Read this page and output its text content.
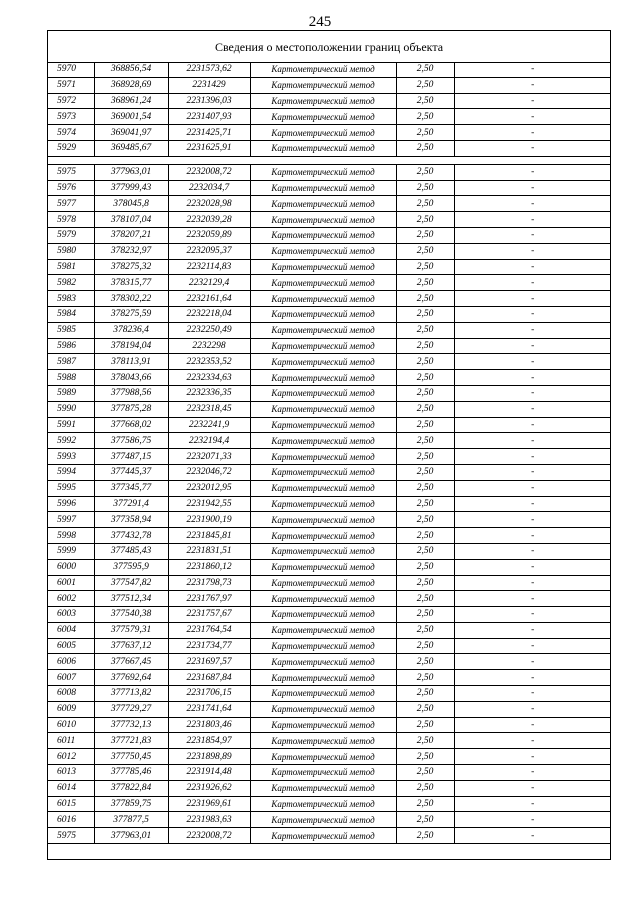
245
Сведения о местоположении границ объекта
5970	368856,54	2231573,62	Картометрический метод	2,50	-
5971	368928,69	2231429	Картометрический метод	2,50	-
5972	368961,24	2231396,03	Картометрический метод	2,50	-
5973	369001,54	2231407,93	Картометрический метод	2,50	-
5974	369041,97	2231425,71	Картометрический метод	2,50	-
5929	369485,67	2231625,91	Картометрический метод	2,50	-

5975	377963,01	2232008,72	Картометрический метод	2,50	-
5976	377999,43	2232034,7	Картометрический метод	2,50	-
5977	378045,8	2232028,98	Картометрический метод	2,50	-
5978	378107,04	2232039,28	Картометрический метод	2,50	-
5979	378207,21	2232059,89	Картометрический метод	2,50	-
5980	378232,97	2232095,37	Картометрический метод	2,50	-
5981	378275,32	2232114,83	Картометрический метод	2,50	-
5982	378315,77	2232129,4	Картометрический метод	2,50	-
5983	378302,22	2232161,64	Картометрический метод	2,50	-
5984	378275,59	2232218,04	Картометрический метод	2,50	-
5985	378236,4	2232250,49	Картометрический метод	2,50	-
5986	378194,04	2232298	Картометрический метод	2,50	-
5987	378113,91	2232353,52	Картометрический метод	2,50	-
5988	378043,66	2232334,63	Картометрический метод	2,50	-
5989	377988,56	2232336,35	Картометрический метод	2,50	-
5990	377875,28	2232318,45	Картометрический метод	2,50	-
5991	377668,02	2232241,9	Картометрический метод	2,50	-
5992	377586,75	2232194,4	Картометрический метод	2,50	-
5993	377487,15	2232071,33	Картометрический метод	2,50	-
5994	377445,37	2232046,72	Картометрический метод	2,50	-
5995	377345,77	2232012,95	Картометрический метод	2,50	-
5996	377291,4	2231942,55	Картометрический метод	2,50	-
5997	377358,94	2231900,19	Картометрический метод	2,50	-
5998	377432,78	2231845,81	Картометрический метод	2,50	-
5999	377485,43	2231831,51	Картометрический метод	2,50	-
6000	377595,9	2231860,12	Картометрический метод	2,50	-
6001	377547,82	2231798,73	Картометрический метод	2,50	-
6002	377512,34	2231767,97	Картометрический метод	2,50	-
6003	377540,38	2231757,67	Картометрический метод	2,50	-
6004	377579,31	2231764,54	Картометрический метод	2,50	-
6005	377637,12	2231734,77	Картометрический метод	2,50	-
6006	377667,45	2231697,57	Картометрический метод	2,50	-
6007	377692,64	2231687,84	Картометрический метод	2,50	-
6008	377713,82	2231706,15	Картометрический метод	2,50	-
6009	377729,27	2231741,64	Картометрический метод	2,50	-
6010	377732,13	2231803,46	Картометрический метод	2,50	-
6011	377721,83	2231854,97	Картометрический метод	2,50	-
6012	377750,45	2231898,89	Картометрический метод	2,50	-
6013	377785,46	2231914,48	Картометрический метод	2,50	-
6014	377822,84	2231926,62	Картометрический метод	2,50	-
6015	377859,75	2231969,61	Картометрический метод	2,50	-
6016	377877,5	2231983,63	Картометрический метод	2,50	-
5975	377963,01	2232008,72	Картометрический метод	2,50	-
